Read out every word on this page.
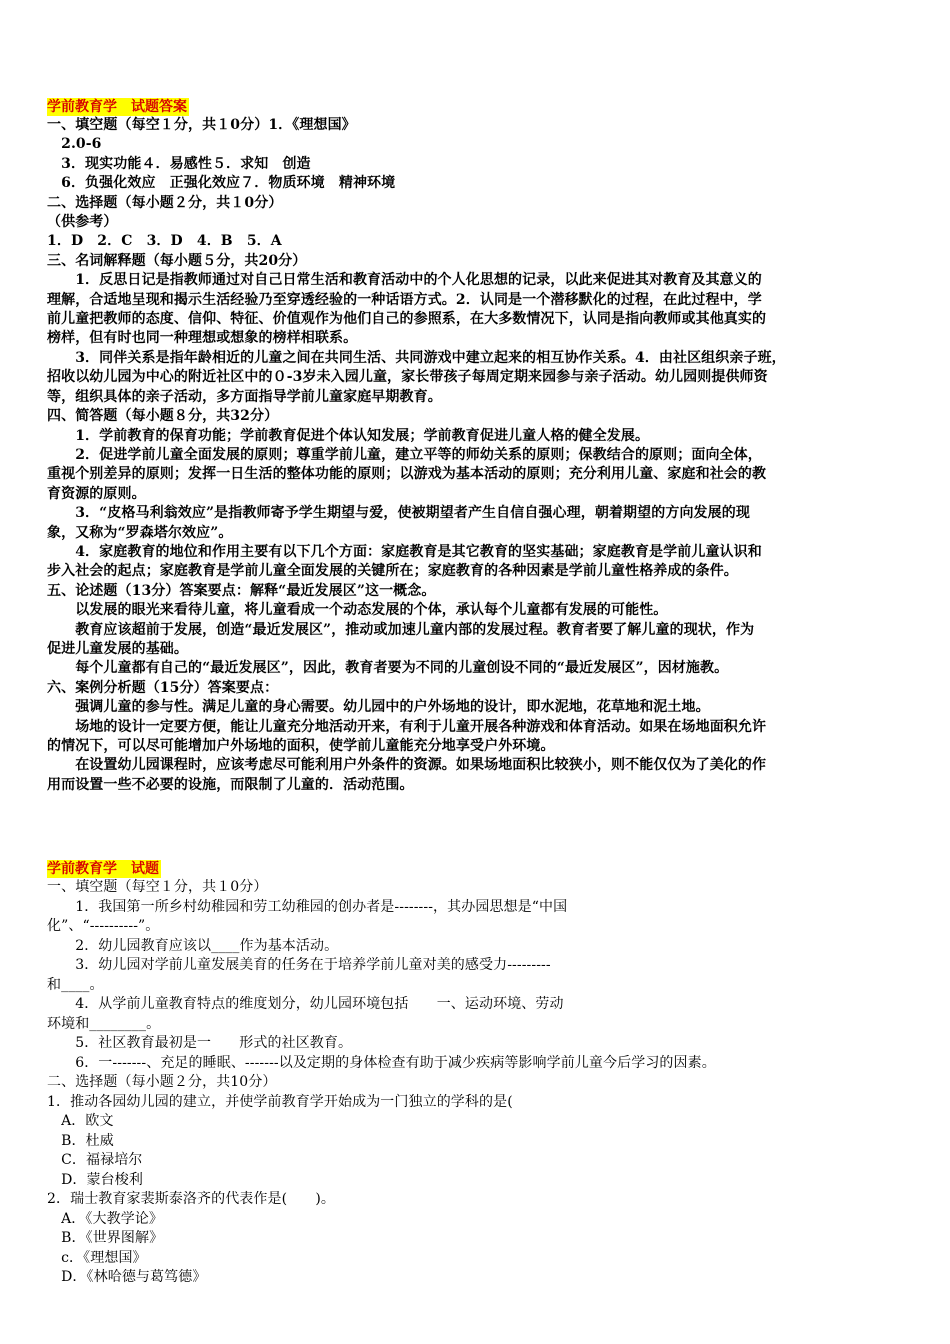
学前教育学　试题答案
一、填空题（每空１分，共１0分）1．《理想国》
　2.0-6
　3．现实功能４．易感性５．求知　创造
　6．负强化效应　正强化效应７．物质环境　精神环境
二、选择题（每小题２分，共１0分）
（供参考）
1．D　2．C　3．D　4．B　5．A
三、名词解释题（每小题５分，共20分）
　　1．反思日记是指教师通过对自己日常生活和教育活动中的个人化思想的记录，以此来促进其对教育及其意义的
理解，合适地呈现和揭示生活经验乃至穿透经验的一种话语方式。2．认同是一个潜移默化的过程，在此过程中，学
前儿童把教师的态度、信仰、特征、价值观作为他们自己的参照系，在大多数情况下，认同是指向教师或其他真实的
榜样，但有时也同一种理想或想象的榜样相联系。
　　3．同伴关系是指年龄相近的儿童之间在共同生活、共同游戏中建立起来的相互协作关系。4．由社区组织亲子班，
招收以幼儿园为中心的附近社区中的０-3岁未入园儿童，家长带孩子每周定期来园参与亲子活动。幼儿园则提供师资
等，组织具体的亲子活动，多方面指导学前儿童家庭早期教育。
四、简答题（每小题８分，共32分）
　　1．学前教育的保育功能；学前教育促进个体认知发展；学前教育促进儿童人格的健全发展。
　　2．促进学前儿童全面发展的原则；尊重学前儿童，建立平等的师幼关系的原则；保教结合的原则；面向全体，
重视个别差异的原则；发挥一日生活的整体功能的原则；以游戏为基本活动的原则；充分利用儿童、家庭和社会的教
育资源的原则。
　　3．“皮格马利翁效应”是指教师寄予学生期望与爱，使被期望者产生自信自强心理，朝着期望的方向发展的现
象，又称为“罗森塔尔效应”。
　　4．家庭教育的地位和作用主要有以下几个方面：家庭教育是其它教育的坚实基础；家庭教育是学前儿童认识和
步入社会的起点；家庭教育是学前儿童全面发展的关键所在；家庭教育的各种因素是学前儿童性格养成的条件。
五、论述题（13分）答案要点：解释“最近发展区”这一概念。
　　以发展的眼光来看待儿童，将儿童看成一个动态发展的个体，承认每个儿童都有发展的可能性。
　　教育应该超前于发展，创造“最近发展区”，推动或加速儿童内部的发展过程。教育者要了解儿童的现状，作为
促进儿童发展的基础。
　　每个儿童都有自己的“最近发展区”，因此，教育者要为不同的儿童创设不同的“最近发展区”，因材施教。
六、案例分析题（15分）答案要点：
　　强调儿童的参与性。满足儿童的身心需要。幼儿园中的户外场地的设计，即水泥地，花草地和泥土地。
　　场地的设计一定要方便，能让儿童充分地活动开来，有利于儿童开展各种游戏和体育活动。如果在场地面积允许
的情况下，可以尽可能增加户外场地的面积，使学前儿童能充分地享受户外环境。
　　在设置幼儿园课程时，应该考虑尽可能利用户外条件的资源。如果场地面积比较狭小，则不能仅仅为了美化的作
用而设置一些不必要的设施，而限制了儿童的．活动范围。
学前教育学　试题
一、填空题（每空１分，共１0分）
　　1．我国第一所乡村幼稚园和劳工幼稚园的创办者是--------，其办园思想是“中国
化”、“----------”。
　　2．幼儿园教育应该以____作为基本活动。
　　3．幼儿园对学前儿童发展美育的任务在于培养学前儿童对美的感受力---------
和____。
　　4．从学前儿童教育特点的维度划分，幼儿园环境包括　　一、运动环境、劳动
环境和________。
　　5．社区教育最初是一　　形式的社区教育。
　　6．一-------、充足的睡眠、-------以及定期的身体检查有助于减少疾病等影响学前儿童今后学习的因素。
二、选择题（每小题２分，共10分）
1．推动各园幼儿园的建立，并使学前教育学开始成为一门独立的学科的是(
　A．欧文
　B．杜威
　C．福禄培尔
　D．蒙台梭利
2．瑞士教育家裴斯泰洛齐的代表作是(　　)。
　A．《大教学论》
　B．《世界图解》
　c．《理想国》
　D．《林哈德与葛笃德》
